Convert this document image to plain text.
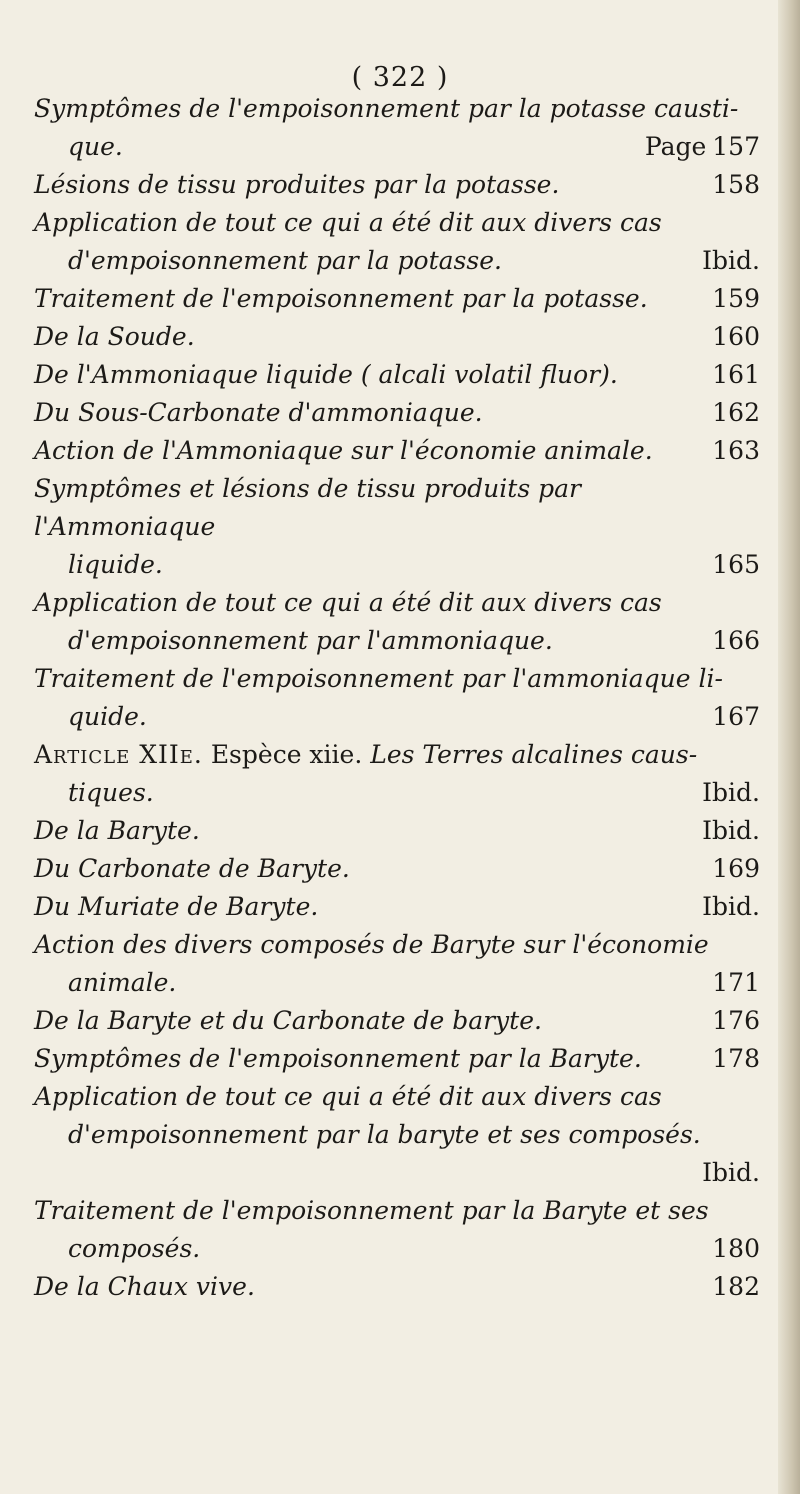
( 322 )
Symptômes de l'empoisonnement par la potasse causti-
que.	Page 157
Lésions de tissu produites par la potasse.	158
Application de tout ce qui a été dit aux divers cas
d'empoisonnement par la potasse.	Ibid.
Traitement de l'empoisonnement par la potasse.	159
De la Soude.	160
De l'Ammoniaque liquide ( alcali volatil fluor).	161
Du Sous-Carbonate d'ammoniaque.	162
Action de l'Ammoniaque sur l'économie animale.	163
Symptômes et lésions de tissu produits par l'Ammoniaque
liquide.	165
Application de tout ce qui a été dit aux divers cas
d'empoisonnement par l'ammoniaque.	166
Traitement de l'empoisonnement par l'ammoniaque li-
quide.	167
Article XIIe. Espèce xiie. Les Terres alcalines caus-
tiques.	Ibid.
De la Baryte.	Ibid.
Du Carbonate de Baryte.	169
Du Muriate de Baryte.	Ibid.
Action des divers composés de Baryte sur l'économie
animale.	171
De la Baryte et du Carbonate de baryte.	176
Symptômes de l'empoisonnement par la Baryte.	178
Application de tout ce qui a été dit aux divers cas
d'empoisonnement par la baryte et ses composés.
Ibid.
Traitement de l'empoisonnement par la Baryte et ses
composés.	180
De la Chaux vive.	182
